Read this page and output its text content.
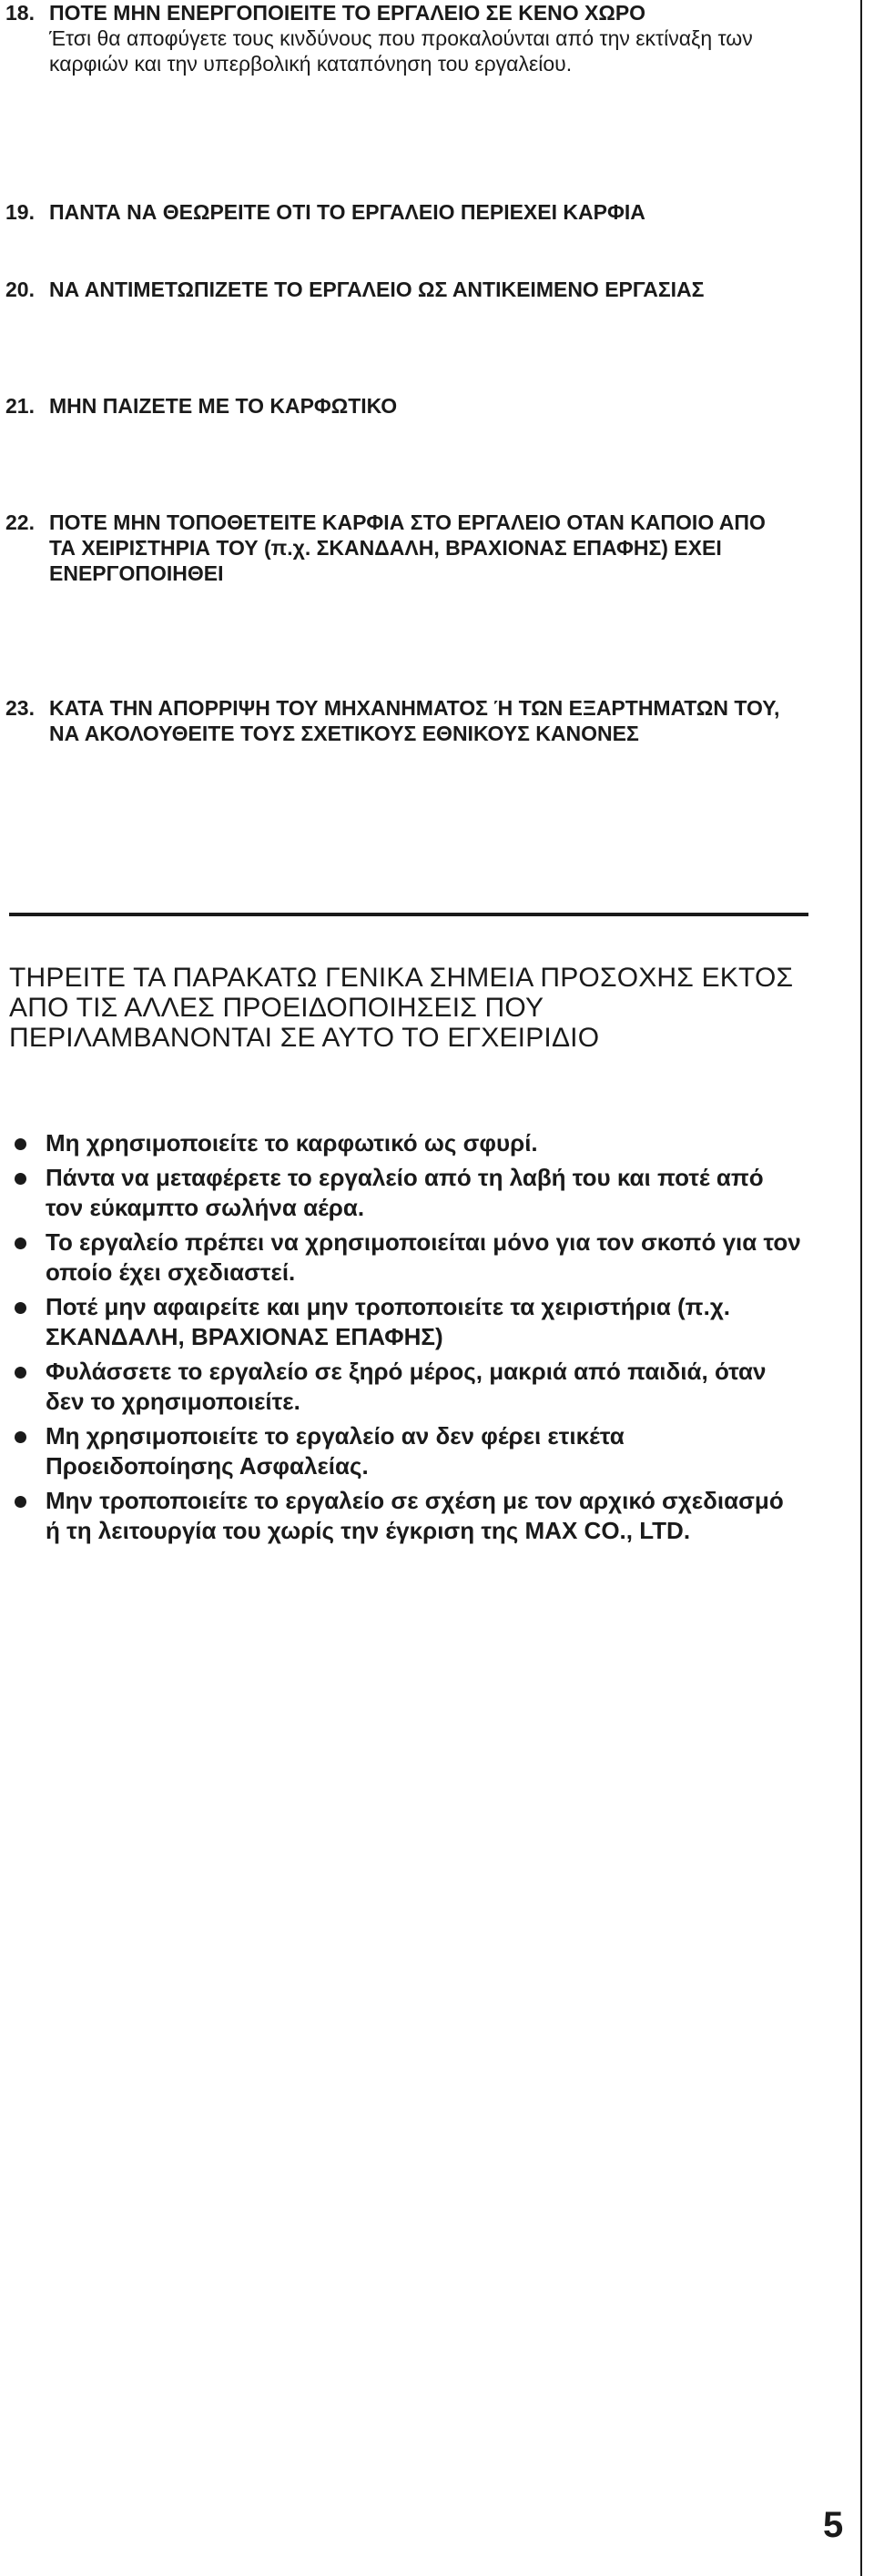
18. ΠΟΤΕ ΜΗΝ ΕΝΕΡΓΟΠΟΙΕΙΤΕ ΤΟ ΕΡΓΑΛΕΙΟ ΣΕ ΚΕΝΟ ΧΩΡΟ
Έτσι θα αποφύγετε τους κινδύνους που προκαλούνται από την εκτίναξη των καρφιών και την υπερβολική καταπόνηση του εργαλείου.

19. ΠΑΝΤΑ ΝΑ ΘΕΩΡΕΙΤΕ ΟΤΙ ΤΟ ΕΡΓΑΛΕΙΟ ΠΕΡΙΕΧΕΙ ΚΑΡΦΙΑ

20. ΝΑ ΑΝΤΙΜΕΤΩΠΙΖΕΤΕ ΤΟ ΕΡΓΑΛΕΙΟ ΩΣ ΑΝΤΙΚΕΙΜΕΝΟ ΕΡΓΑΣΙΑΣ

21. ΜΗΝ ΠΑΙΖΕΤΕ ΜΕ ΤΟ ΚΑΡΦΩΤΙΚΟ

22. ΠΟΤΕ ΜΗΝ ΤΟΠΟΘΕΤΕΙΤΕ ΚΑΡΦΙΑ ΣΤΟ ΕΡΓΑΛΕΙΟ ΟΤΑΝ ΚΑΠΟΙΟ ΑΠΟ ΤΑ ΧΕΙΡΙΣΤΗΡΙΑ ΤΟΥ (π.χ. ΣΚΑΝΔΑΛΗ, ΒΡΑΧΙΟΝΑΣ ΕΠΑΦΗΣ) ΕΧΕΙ ΕΝΕΡΓΟΠΟΙΗΘΕΙ

23. ΚΑΤΑ ΤΗΝ ΑΠΟΡΡΙΨΗ ΤΟΥ ΜΗΧΑΝΗΜΑΤΟΣ Ή ΤΩΝ ΕΞΑΡΤΗΜΑΤΩΝ ΤΟΥ, ΝΑ ΑΚΟΛΟΥΘΕΙΤΕ ΤΟΥΣ ΣΧΕΤΙΚΟΥΣ ΕΘΝΙΚΟΥΣ ΚΑΝΟΝΕΣ

ΤΗΡΕΙΤΕ ΤΑ ΠΑΡΑΚΑΤΩ ΓΕΝΙΚΑ ΣΗΜΕΙΑ ΠΡΟΣΟΧΗΣ ΕΚΤΟΣ ΑΠΟ ΤΙΣ ΑΛΛΕΣ ΠΡΟΕΙΔΟΠΟΙΗΣΕΙΣ ΠΟΥ ΠΕΡΙΛΑΜΒΑΝΟΝΤΑΙ ΣΕ ΑΥΤΟ ΤΟ ΕΓΧΕΙΡΙΔΙΟ

Μη χρησιμοποιείτε το καρφωτικό ως σφυρί.
Πάντα να μεταφέρετε το εργαλείο από τη λαβή του και ποτέ από τον εύκαμπτο σωλήνα αέρα.
Το εργαλείο πρέπει να χρησιμοποιείται μόνο για τον σκοπό για τον οποίο έχει σχεδιαστεί.
Ποτέ μην αφαιρείτε και μην τροποποιείτε τα χειριστήρια (π.χ. ΣΚΑΝΔΑΛΗ, ΒΡΑΧΙΟΝΑΣ ΕΠΑΦΗΣ)
Φυλάσσετε το εργαλείο σε ξηρό μέρος, μακριά από παιδιά, όταν δεν το χρησιμοποιείτε.
Μη χρησιμοποιείτε το εργαλείο αν δεν φέρει ετικέτα Προειδοποίησης Ασφαλείας.
Μην τροποποιείτε το εργαλείο σε σχέση με τον αρχικό σχεδιασμό ή τη λειτουργία του χωρίς την έγκριση της MAX CO., LTD.

5
